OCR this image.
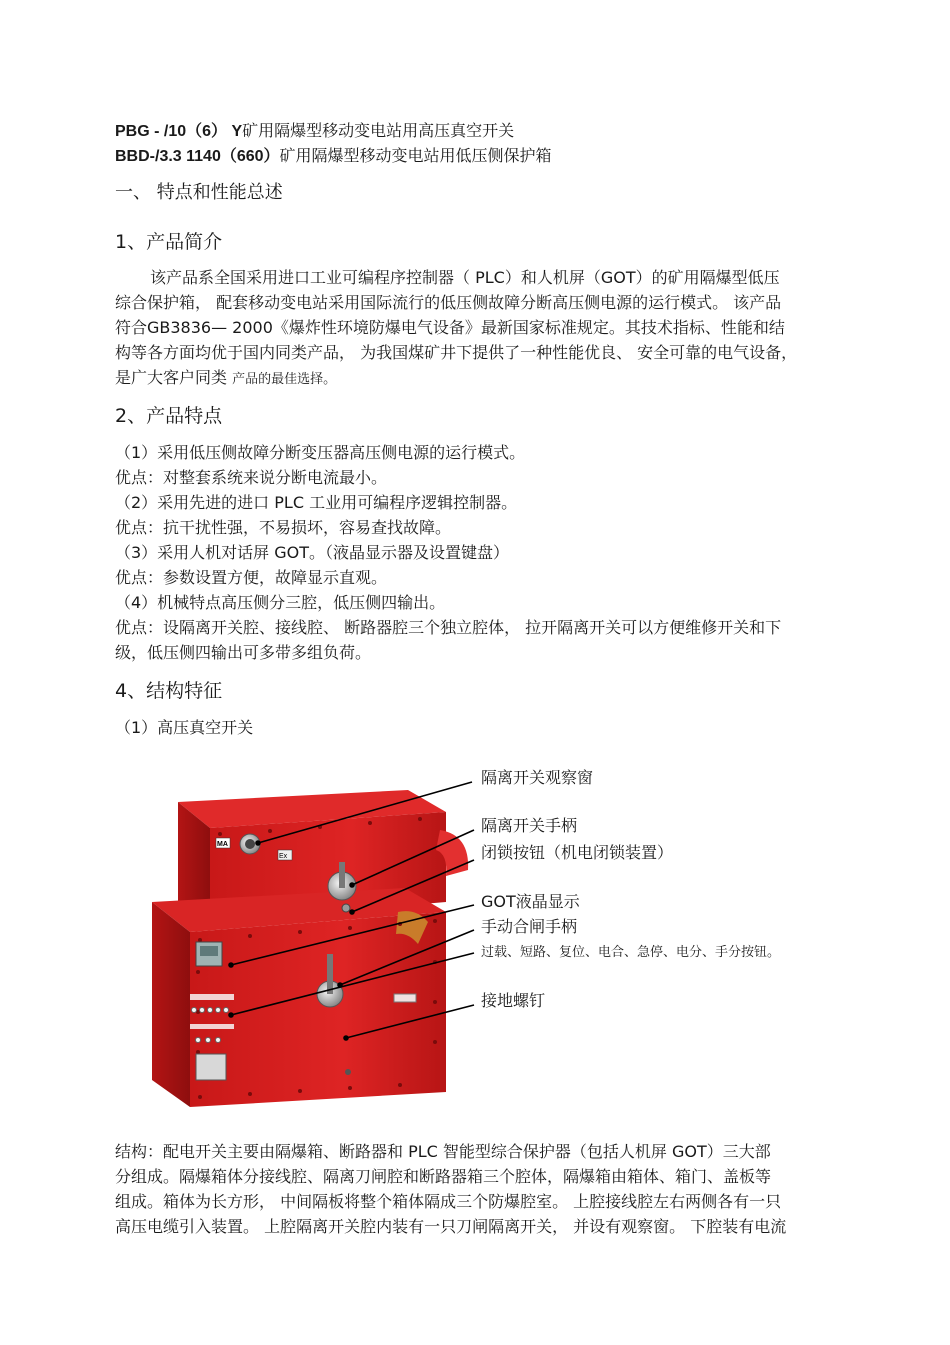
PBG - /10（6） Y矿用隔爆型移动变电站用高压真空开关
BBD-/3.3 1140（660）矿用隔爆型移动变电站用低压侧保护箱
一、 特点和性能总述
1、产品简介
该产品系全国采用进口工业可编程序控制器（ PLC）和人机屏（GOT）的矿用隔爆型低压
综合保护箱， 配套移动变电站采用国际流行的低压侧故障分断高压侧电源的运行模式。 该产品
符合GB3836— 2000《爆炸性环境防爆电气设备》最新国家标准规定。其技术指标、性能和结
构等各方面均优于国内同类产品， 为我国煤矿井下提供了一种性能优良、 安全可靠的电气设备，
是广大客户同类 产品的最佳选择。
2、产品特点
（1）采用低压侧故障分断变压器高压侧电源的运行模式。
优点：对整套系统来说分断电流最小。
（2）采用先进的进口 PLC 工业用可编程序逻辑控制器。
优点：抗干扰性强，不易损坏，容易查找故障。
（3）采用人机对话屏 GOT。（液晶显示器及设置键盘）
优点：参数设置方便，故障显示直观。
（4）机械特点高压侧分三腔，低压侧四输出。
优点：设隔离开关腔、接线腔、 断路器腔三个独立腔体， 拉开隔离开关可以方便维修开关和下
级，低压侧四输出可多带多组负荷。
4、结构特征
（1）高压真空开关
MA
Ex
隔离开关观察窗
隔离开关手柄
闭锁按钮（机电闭锁装置）
GOT液晶显示
手动合闸手柄
过载、短路、复位、电合、急停、电分、手分按钮。
接地螺钉
结构：配电开关主要由隔爆箱、断路器和 PLC 智能型综合保护器（包括人机屏 GOT）三大部
分组成。隔爆箱体分接线腔、隔离刀闸腔和断路器箱三个腔体，隔爆箱由箱体、箱门、盖板等
组成。箱体为长方形， 中间隔板将整个箱体隔成三个防爆腔室。 上腔接线腔左右两侧各有一只
高压电缆引入装置。 上腔隔离开关腔内装有一只刀闸隔离开关， 并设有观察窗。 下腔装有电流
